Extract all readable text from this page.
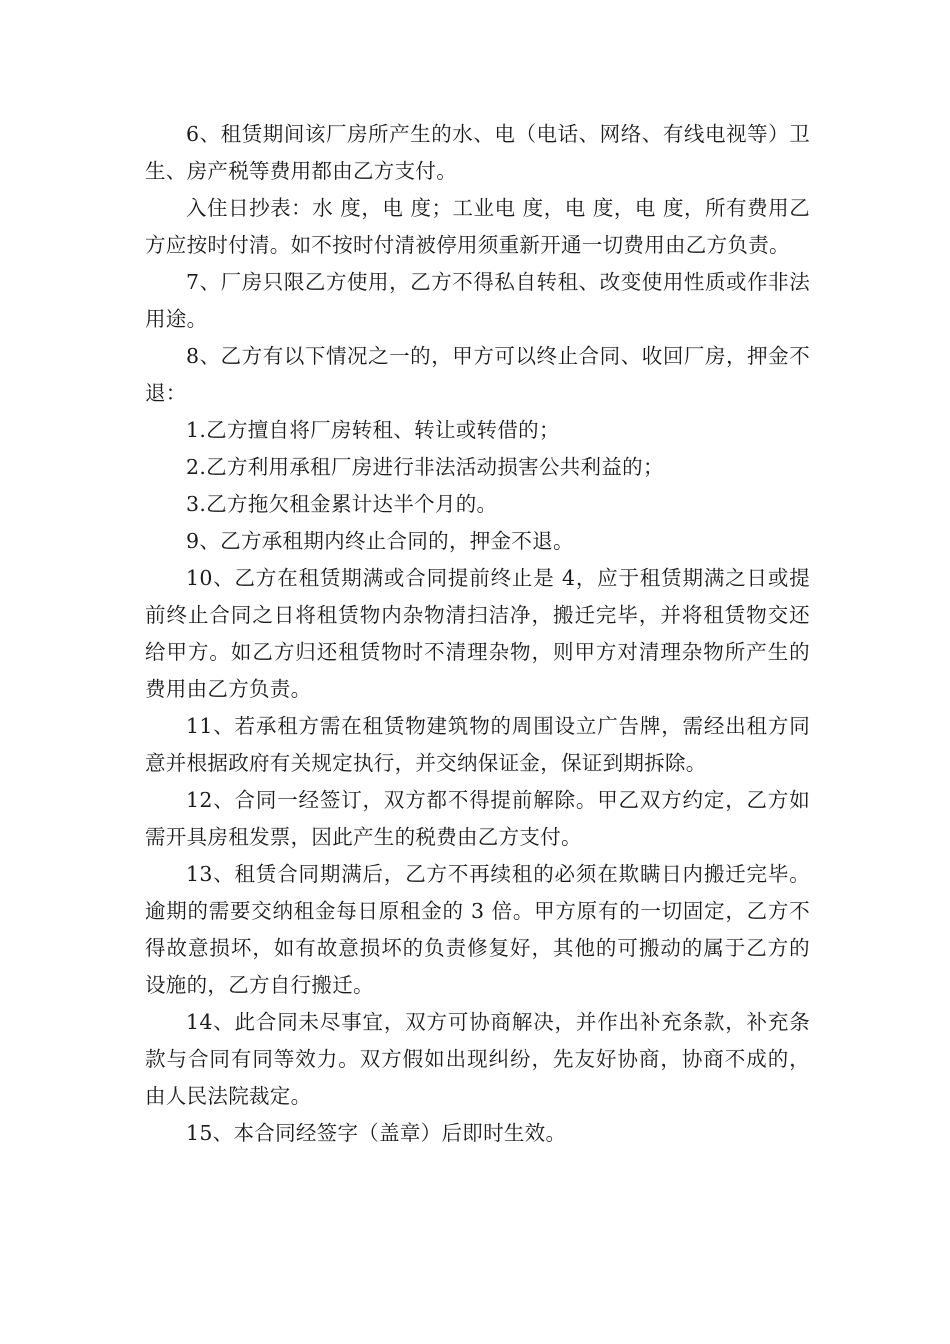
6、租赁期间该厂房所产生的水、电（电话、网络、有线电视等）卫生、房产税等费用都由乙方支付。

入住日抄表：水 度，电 度；工业电 度，电 度，电 度，所有费用乙方应按时付清。如不按时付清被停用须重新开通一切费用由乙方负责。

7、厂房只限乙方使用，乙方不得私自转租、改变使用性质或作非法用途。

8、乙方有以下情况之一的，甲方可以终止合同、收回厂房，押金不退：

1.乙方擅自将厂房转租、转让或转借的；

2.乙方利用承租厂房进行非法活动损害公共利益的；

3.乙方拖欠租金累计达半个月的。

9、乙方承租期内终止合同的，押金不退。

10、乙方在租赁期满或合同提前终止是 4，应于租赁期满之日或提前终止合同之日将租赁物内杂物清扫洁净，搬迁完毕，并将租赁物交还给甲方。如乙方归还租赁物时不清理杂物，则甲方对清理杂物所产生的费用由乙方负责。

11、若承租方需在租赁物建筑物的周围设立广告牌，需经出租方同意并根据政府有关规定执行，并交纳保证金，保证到期拆除。

12、合同一经签订，双方都不得提前解除。甲乙双方约定，乙方如需开具房租发票，因此产生的税费由乙方支付。

13、租赁合同期满后，乙方不再续租的必须在欺瞒日内搬迁完毕。逾期的需要交纳租金每日原租金的 3 倍。甲方原有的一切固定，乙方不得故意损坏，如有故意损坏的负责修复好，其他的可搬动的属于乙方的设施的，乙方自行搬迁。

14、此合同未尽事宜，双方可协商解决，并作出补充条款，补充条款与合同有同等效力。双方假如出现纠纷，先友好协商，协商不成的，由人民法院裁定。

15、本合同经签字（盖章）后即时生效。
